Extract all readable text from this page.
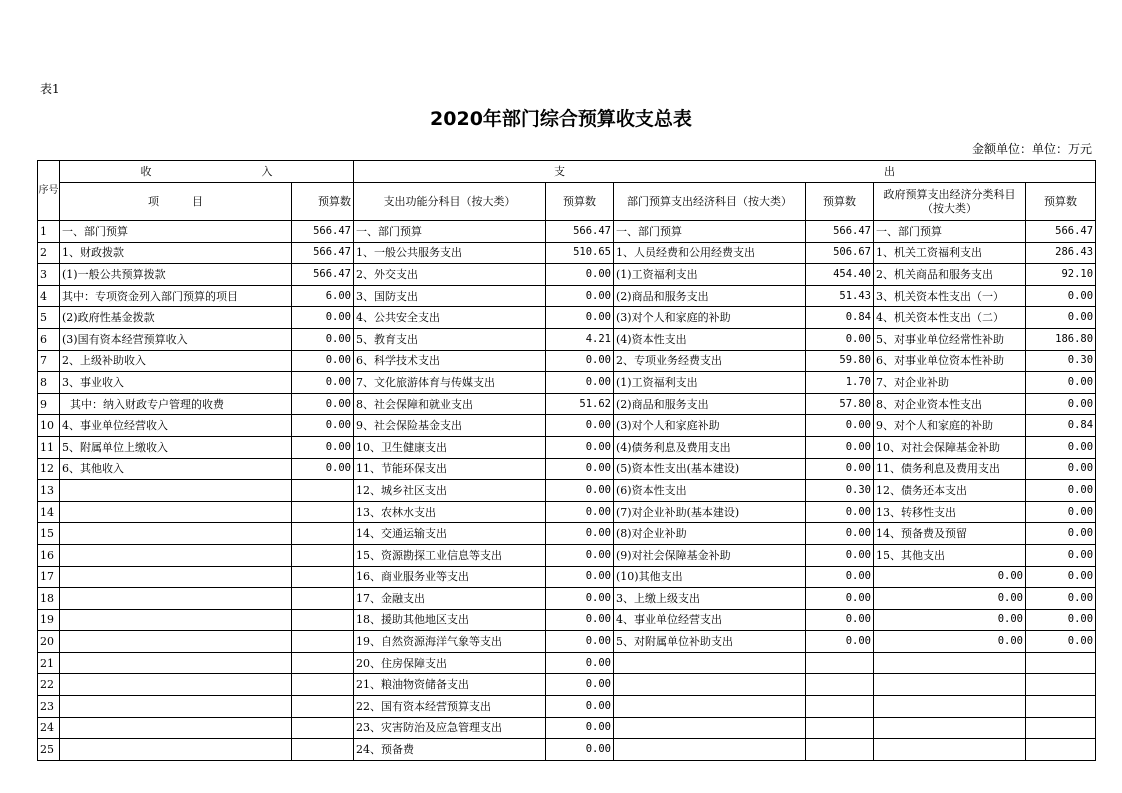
表1
2020年部门综合预算收支总表
金额单位：单位：万元
序号	收　　　　　　　　　　入		支　　　　　　　　　　　　　　　　　　　　　　　　　　　　　出					
	项　　　目	预算数	支出功能分科目（按大类）	预算数	部门预算支出经济科目（按大类）	预算数	政府预算支出经济分类科目（按大类）	预算数
1	一、部门预算	566.47	一、部门预算	566.47	一、部门预算	566.47	一、部门预算	566.47
2	1、财政拨款	566.47	1、一般公共服务支出	510.65	1、人员经费和公用经费支出	506.67	1、机关工资福利支出	286.43
3	(1)一般公共预算拨款	566.47	2、外交支出	0.00	(1)工资福利支出	454.40	2、机关商品和服务支出	92.10
4	其中：专项资金列入部门预算的项目	6.00	3、国防支出	0.00	(2)商品和服务支出	51.43	3、机关资本性支出（一）	0.00
5	(2)政府性基金拨款	0.00	4、公共安全支出	0.00	(3)对个人和家庭的补助	0.84	4、机关资本性支出（二）	0.00
6	(3)国有资本经营预算收入	0.00	5、教育支出	4.21	(4)资本性支出	0.00	5、对事业单位经常性补助	186.80
7	2、上级补助收入	0.00	6、科学技术支出	0.00	2、专项业务经费支出	59.80	6、对事业单位资本性补助	0.30
8	3、事业收入	0.00	7、文化旅游体育与传媒支出	0.00	(1)工资福利支出	1.70	7、对企业补助	0.00
9	其中：纳入财政专户管理的收费	0.00	8、社会保障和就业支出	51.62	(2)商品和服务支出	57.80	8、对企业资本性支出	0.00
10	4、事业单位经营收入	0.00	9、社会保险基金支出	0.00	(3)对个人和家庭补助	0.00	9、对个人和家庭的补助	0.84
11	5、附属单位上缴收入	0.00	10、卫生健康支出	0.00	(4)债务利息及费用支出	0.00	10、对社会保障基金补助	0.00
12	6、其他收入	0.00	11、节能环保支出	0.00	(5)资本性支出(基本建设)	0.00	11、债务利息及费用支出	0.00
13			12、城乡社区支出	0.00	(6)资本性支出	0.30	12、债务还本支出	0.00
14			13、农林水支出	0.00	(7)对企业补助(基本建设)	0.00	13、转移性支出	0.00
15			14、交通运输支出	0.00	(8)对企业补助	0.00	14、预备费及预留	0.00
16			15、资源勘探工业信息等支出	0.00	(9)对社会保障基金补助	0.00	15、其他支出	0.00
17			16、商业服务业等支出	0.00	(10)其他支出	0.00	0.00	0.00
18			17、金融支出	0.00	3、上缴上级支出	0.00	0.00	0.00
19			18、援助其他地区支出	0.00	4、事业单位经营支出	0.00	0.00	0.00
20			19、自然资源海洋气象等支出	0.00	5、对附属单位补助支出	0.00	0.00	0.00
21			20、住房保障支出	0.00				
22			21、粮油物资储备支出	0.00				
23			22、国有资本经营预算支出	0.00				
24			23、灾害防治及应急管理支出	0.00				
25			24、预备费	0.00				
